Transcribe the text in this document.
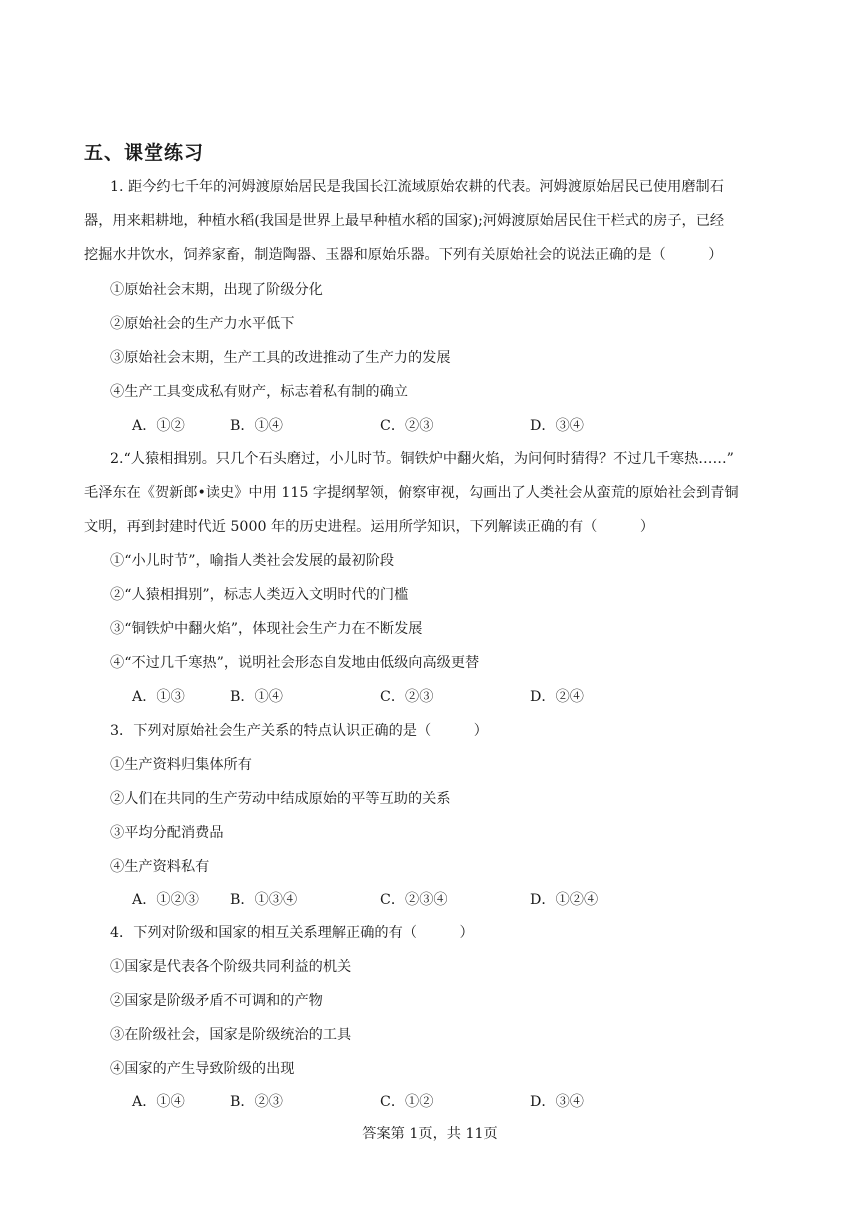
五、课堂练习
1. 距今约七千年的河姆渡原始居民是我国长江流域原始农耕的代表。河姆渡原始居民已使用磨制石
器，用来耜耕地，种植水稻(我国是世界上最早种植水稻的国家);河姆渡原始居民住干栏式的房子，已经
挖掘水井饮水，饲养家畜，制造陶器、玉器和原始乐器。下列有关原始社会的说法正确的是（　　　）
①原始社会末期，出现了阶级分化
②原始社会的生产力水平低下
③原始社会末期，生产工具的改进推动了生产力的发展
④生产工具变成私有财产，标志着私有制的确立
A．①②	B．①④	C．②③	D．③④
2.“人猿相揖别。只几个石头磨过，小儿时节。铜铁炉中翻火焰，为问何时猜得？不过几千寒热……”
毛泽东在《贺新郎•读史》中用 115 字提纲挈领，俯察审视，勾画出了人类社会从蛮荒的原始社会到青铜
文明，再到封建时代近 5000 年的历史进程。运用所学知识，下列解读正确的有（　　　）
①“小儿时节”，喻指人类社会发展的最初阶段
②“人猿相揖别”，标志人类迈入文明时代的门槛
③“铜铁炉中翻火焰”，体现社会生产力在不断发展
④“不过几千寒热”，说明社会形态自发地由低级向高级更替
A．①③	B．①④	C．②③	D．②④
3．下列对原始社会生产关系的特点认识正确的是（　　　）
①生产资料归集体所有
②人们在共同的生产劳动中结成原始的平等互助的关系
③平均分配消费品
④生产资料私有
A．①②③ B．①③④	C．②③④	D．①②④
4．下列对阶级和国家的相互关系理解正确的有（　　　）
①国家是代表各个阶级共同利益的机关
②国家是阶级矛盾不可调和的产物
③在阶级社会，国家是阶级统治的工具
④国家的产生导致阶级的出现
A．①④	B．②③	C．①②	D．③④
答案第 1页，共 11页
